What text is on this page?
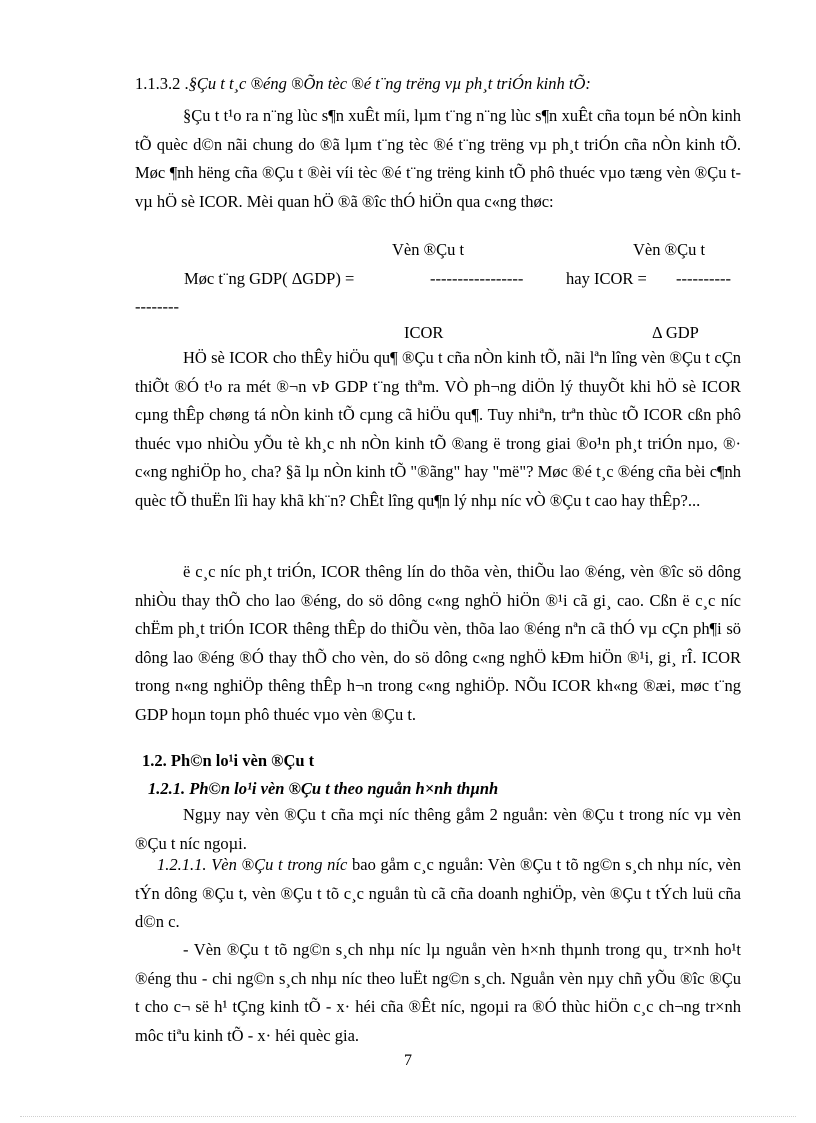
1.1.3.2 .§Çu t t¸c ®éng ®Õn tèc ®é t¨ng trëng vµ ph¸t triÓn kinh tÕ:

§Çu t t¹o ra n¨ng lùc s¶n xuÊt míi, lµm t¨ng n¨ng lùc s¶n xuÊt cña toµn bé nÒn kinh tÕ quèc d©n nãi chung do ®ã lµm t¨ng tèc ®é t¨ng trëng vµ ph¸t triÓn cña nÒn kinh tÕ. Møc ¶nh hëng cña ®Çu t ®èi víi tèc ®é t¨ng trëng kinh tÕ phô thuéc vµo tæng vèn ®Çu t vµ hÖ sè ICOR. Mèi quan hÖ ®ã ®îc thÓ hiÖn qua c«ng thøc:

Vèn ®Çu t	Vèn ®Çu t
Møc t¨ng GDP( ΔGDP) =	-----------------	hay ICOR = ----------
--------
ICOR	Δ GDP

HÖ sè ICOR cho thÊy hiÖu qu¶ ®Çu t cña nÒn kinh tÕ, nãi lªn lîng vèn ®Çu t cÇn thiÕt ®Ó t¹o ra mét ®¬n vÞ GDP t¨ng thªm. VÒ ph¬ng diÖn lý thuyÕt khi hÖ sè ICOR cµng thÊp chøng tá nÒn kinh tÕ cµng cã hiÖu qu¶. Tuy nhiªn, trªn thùc tÕ ICOR cßn phô thuéc vµo nhiÒu yÕu tè kh¸c nh nÒn kinh tÕ ®ang ë trong giai ®o¹n ph¸t triÓn nµo, ®· c«ng nghiÖp ho¸ cha? §ã lµ nÒn kinh tÕ "®ãng" hay "më"? Møc ®é t¸c ®éng cña bèi c¶nh quèc tÕ thuËn lîi hay khã kh¨n? ChÊt lîng qu¶n lý nhµ níc vÒ ®Çu t cao hay thÊp?...

ë c¸c níc ph¸t triÓn, ICOR thêng lín do thõa vèn, thiÕu lao ®éng, vèn ®îc sö dông nhiÒu thay thÕ cho lao ®éng, do sö dông c«ng nghÖ hiÖn ®¹i cã gi¸ cao. Cßn ë c¸c níc chËm ph¸t triÓn ICOR thêng thÊp do thiÕu vèn, thõa lao ®éng nªn cã thÓ vµ cÇn ph¶i sö dông lao ®éng ®Ó thay thÕ cho vèn, do sö dông c«ng nghÖ kÐm hiÖn ®¹i, gi¸ rÎ. ICOR trong n«ng nghiÖp thêng thÊp h¬n trong c«ng nghiÖp. NÕu ICOR kh«ng ®æi, møc t¨ng GDP hoµn toµn phô thuéc vµo vèn ®Çu t.

1.2. Ph©n lo¹i vèn ®Çu t
1.2.1. Ph©n lo¹i vèn ®Çu t theo nguån h×nh thµnh

Ngµy nay vèn ®Çu t cña mçi níc thêng gåm 2 nguån: vèn ®Çu t trong níc vµ vèn ®Çu t níc ngoµi.

1.2.1.1. Vèn ®Çu t trong níc bao gåm c¸c nguån: Vèn ®Çu t tõ ng©n s¸ch nhµ níc, vèn tÝn dông ®Çu t, vèn ®Çu t tõ c¸c nguån tù cã cña doanh nghiÖp, vèn ®Çu t tÝch luü cña d©n c.

- Vèn ®Çu t tõ ng©n s¸ch nhµ níc lµ nguån vèn h×nh thµnh trong qu¸ tr×nh ho¹t ®éng thu - chi ng©n s¸ch nhµ níc theo luËt ng©n s¸ch. Nguån vèn nµy chñ yÕu ®îc ®Çu t cho c¬ së h¹ tÇng kinh tÕ - x· héi cña ®Êt níc, ngoµi ra ®Ó thùc hiÖn c¸c ch¬ng tr×nh môc tiªu kinh tÕ - x· héi quèc gia.

7
